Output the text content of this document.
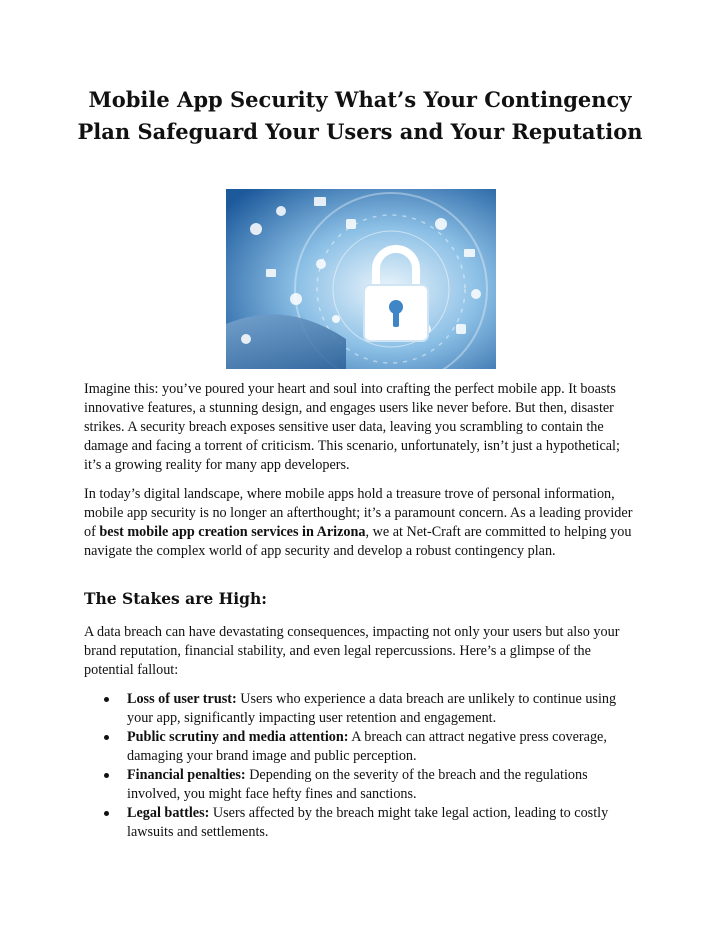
Mobile App Security What’s Your Contingency Plan Safeguard Your Users and Your Reputation

Imagine this: you’ve poured your heart and soul into crafting the perfect mobile app. It boasts innovative features, a stunning design, and engages users like never before. But then, disaster strikes. A security breach exposes sensitive user data, leaving you scrambling to contain the damage and facing a torrent of criticism. This scenario, unfortunately, isn’t just a hypothetical; it’s a growing reality for many app developers.

In today’s digital landscape, where mobile apps hold a treasure trove of personal information, mobile app security is no longer an afterthought; it’s a paramount concern. As a leading provider of best mobile app creation services in Arizona, we at Net-Craft are committed to helping you navigate the complex world of app security and develop a robust contingency plan.

The Stakes are High:

A data breach can have devastating consequences, impacting not only your users but also your brand reputation, financial stability, and even legal repercussions. Here’s a glimpse of the potential fallout:

Loss of user trust: Users who experience a data breach are unlikely to continue using your app, significantly impacting user retention and engagement.
Public scrutiny and media attention: A breach can attract negative press coverage, damaging your brand image and public perception.
Financial penalties: Depending on the severity of the breach and the regulations involved, you might face hefty fines and sanctions.
Legal battles: Users affected by the breach might take legal action, leading to costly lawsuits and settlements.
